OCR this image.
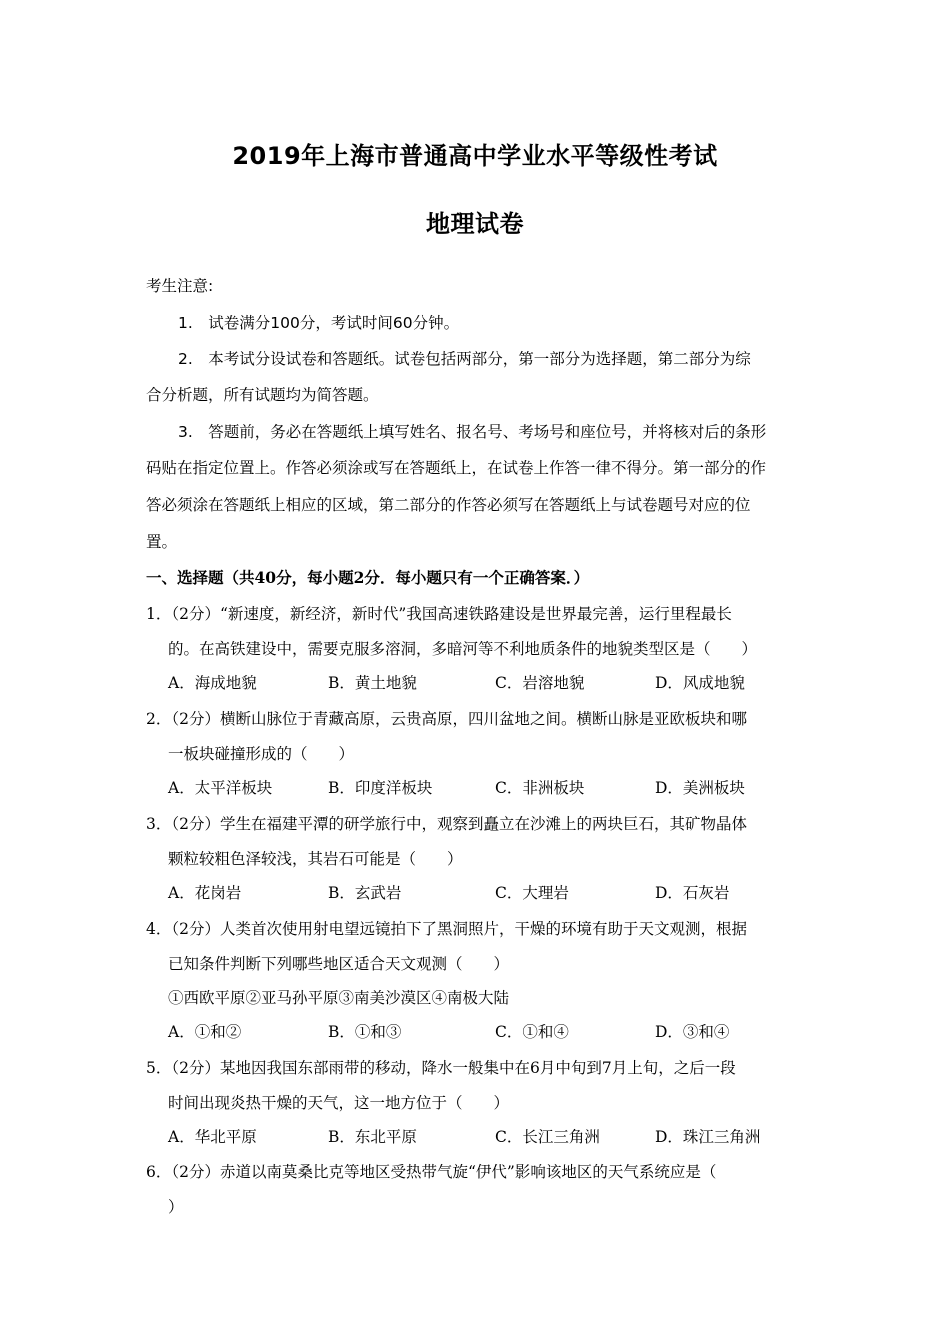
2019年上海市普通高中学业水平等级性考试
地理试卷
考生注意:
1.　试卷满分100分，考试时间60分钟。
2.　本考试分设试卷和答题纸。试卷包括两部分，第一部分为选择题，第二部分为综
合分析题，所有试题均为简答题。
3.　答题前，务必在答题纸上填写姓名、报名号、考场号和座位号，并将核对后的条形
码贴在指定位置上。作答必须涂或写在答题纸上，在试卷上作答一律不得分。第一部分的作
答必须涂在答题纸上相应的区域，第二部分的作答必须写在答题纸上与试卷题号对应的位
置。
一、选择题（共40分，每小题2分．每小题只有一个正确答案．）
1．（2分）“新速度，新经济，新时代”我国高速铁路建设是世界最完善，运行里程最长
的。在高铁建设中，需要克服多溶洞，多暗河等不利地质条件的地貌类型区是（　　）
A．海成地貌	B．黄土地貌	C．岩溶地貌	D．风成地貌
2．（2分）横断山脉位于青藏高原，云贵高原，四川盆地之间。横断山脉是亚欧板块和哪
一板块碰撞形成的（　　）
A．太平洋板块	B．印度洋板块	C．非洲板块	D．美洲板块
3．（2分）学生在福建平潭的研学旅行中，观察到矗立在沙滩上的两块巨石，其矿物晶体
颗粒较粗色泽较浅，其岩石可能是（　　）
A．花岗岩	B．玄武岩	C．大理岩	D．石灰岩
4．（2分）人类首次使用射电望远镜拍下了黑洞照片，干燥的环境有助于天文观测，根据
已知条件判断下列哪些地区适合天文观测（　　）
①西欧平原②亚马孙平原③南美沙漠区④南极大陆
A．①和②	B．①和③	C．①和④	D．③和④
5．（2分）某地因我国东部雨带的移动，降水一般集中在6月中旬到7月上旬，之后一段
时间出现炎热干燥的天气，这一地方位于（　　）
A．华北平原	B．东北平原	C．长江三角洲	D．珠江三角洲
6．（2分）赤道以南莫桑比克等地区受热带气旋“伊代”影响该地区的天气系统应是（
）
